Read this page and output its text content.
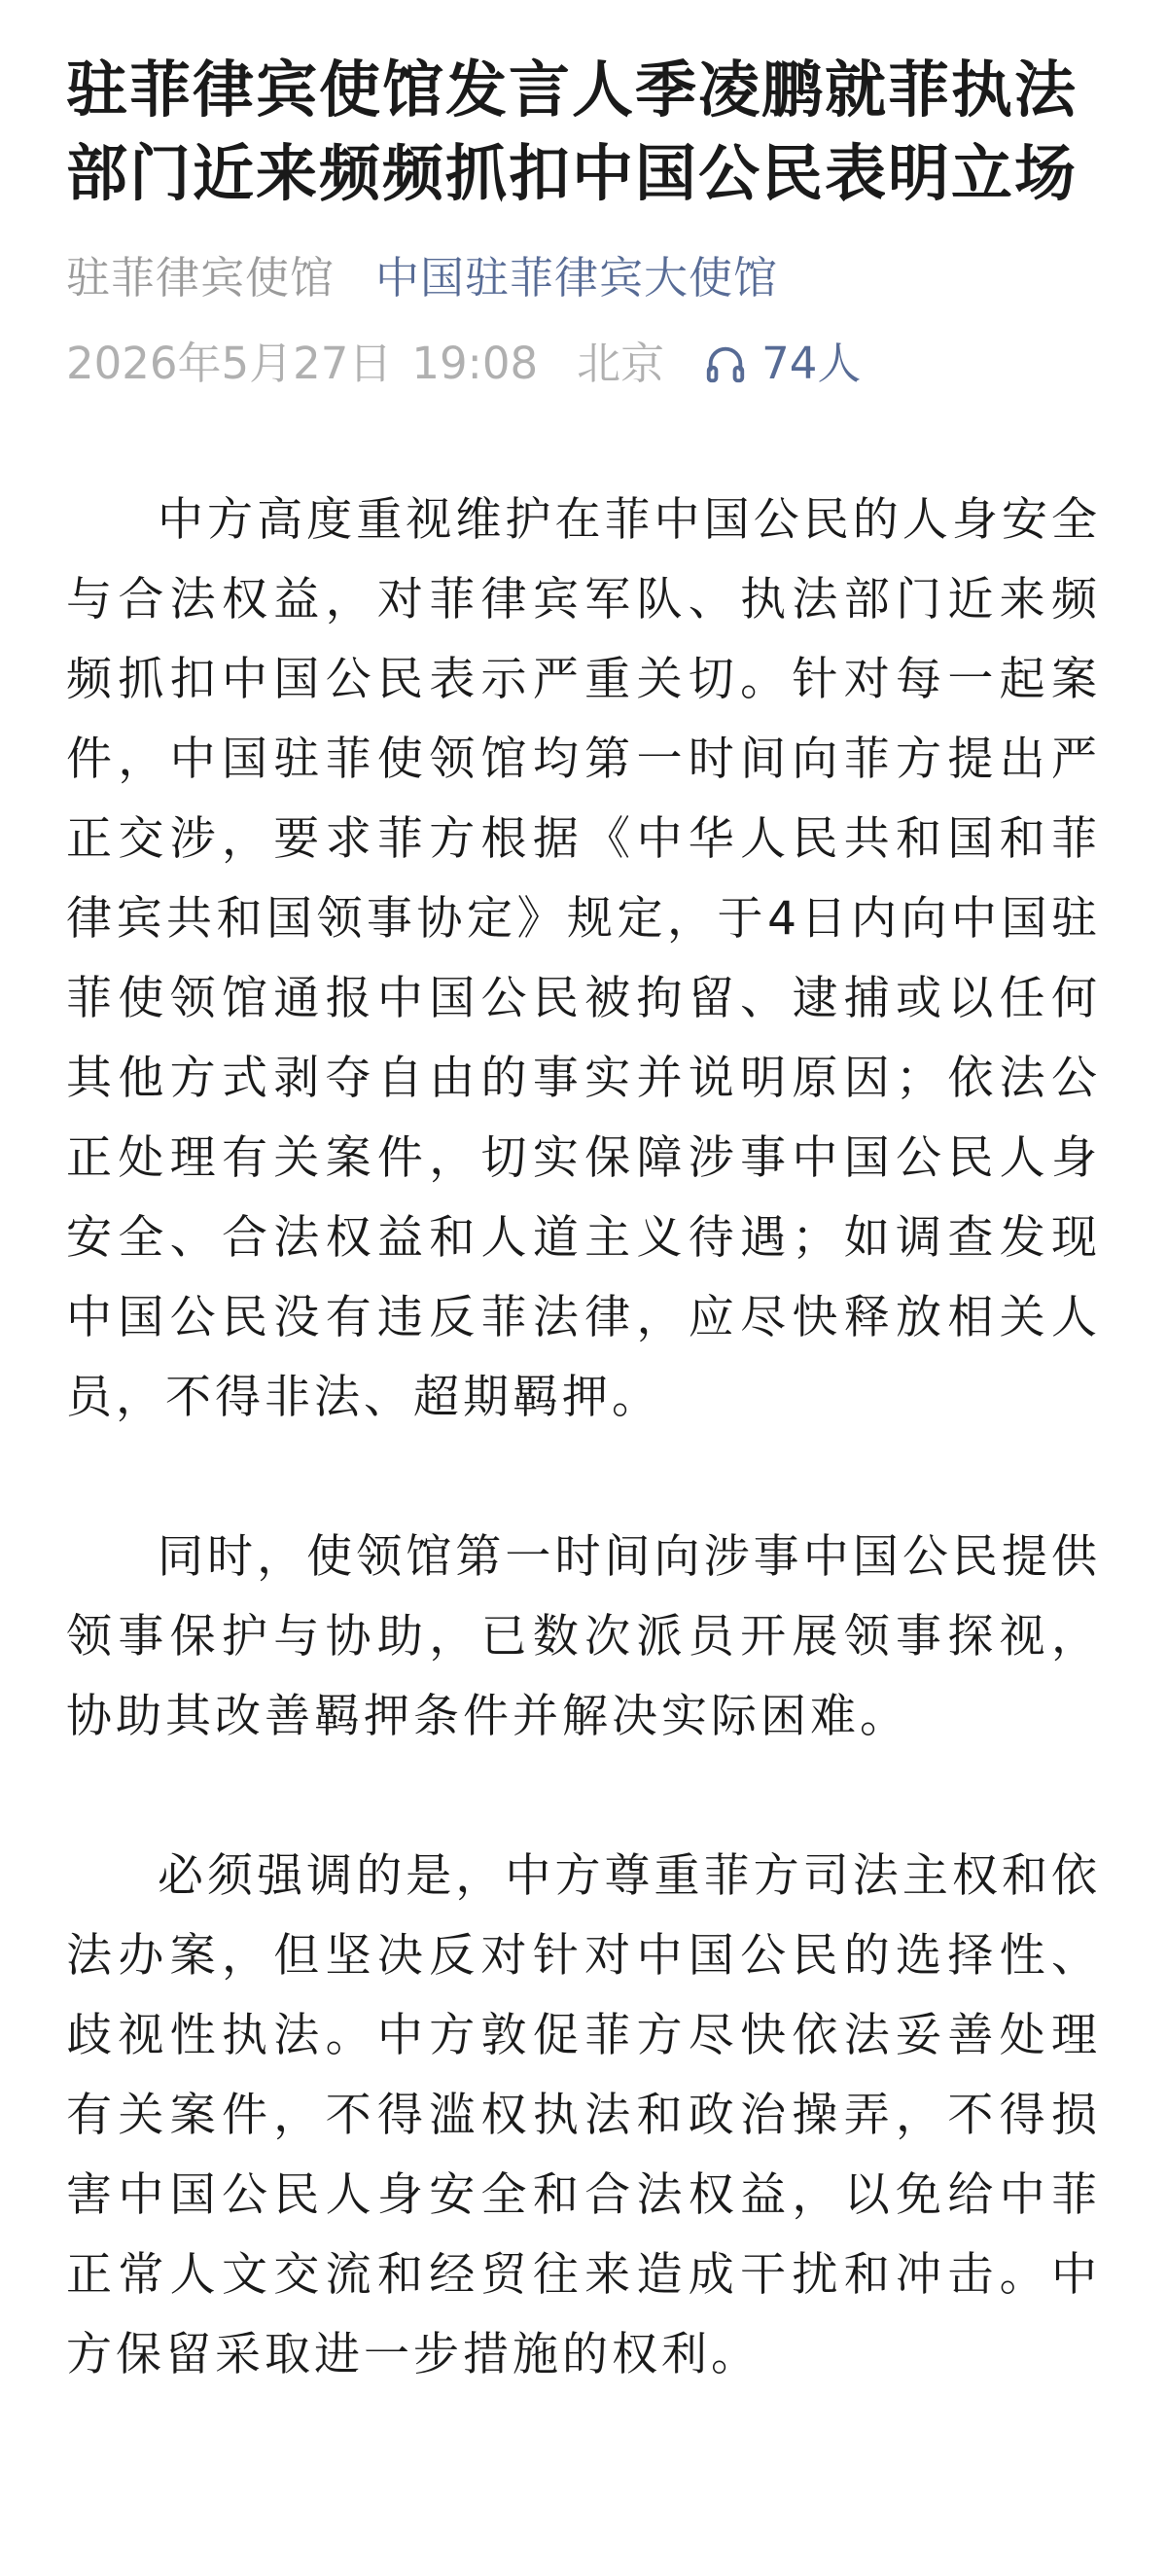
驻菲律宾使馆发言人季凌鹏就菲执法部门近来频频抓扣中国公民表明立场
驻菲律宾使馆 中国驻菲律宾大使馆
2026年5月27日 19:08 北京 74人

中方高度重视维护在菲中国公民的人身安全与合法权益，对菲律宾军队、执法部门近来频频抓扣中国公民表示严重关切。针对每一起案件，中国驻菲使领馆均第一时间向菲方提出严正交涉，要求菲方根据《中华人民共和国和菲律宾共和国领事协定》规定，于4日内向中国驻菲使领馆通报中国公民被拘留、逮捕或以任何其他方式剥夺自由的事实并说明原因；依法公正处理有关案件，切实保障涉事中国公民人身安全、合法权益和人道主义待遇；如调查发现中国公民没有违反菲法律，应尽快释放相关人员，不得非法、超期羁押。

同时，使领馆第一时间向涉事中国公民提供领事保护与协助，已数次派员开展领事探视，协助其改善羁押条件并解决实际困难。

必须强调的是，中方尊重菲方司法主权和依法办案，但坚决反对针对中国公民的选择性、歧视性执法。中方敦促菲方尽快依法妥善处理有关案件，不得滥权执法和政治操弄，不得损害中国公民人身安全和合法权益，以免给中菲正常人文交流和经贸往来造成干扰和冲击。中方保留采取进一步措施的权利。
